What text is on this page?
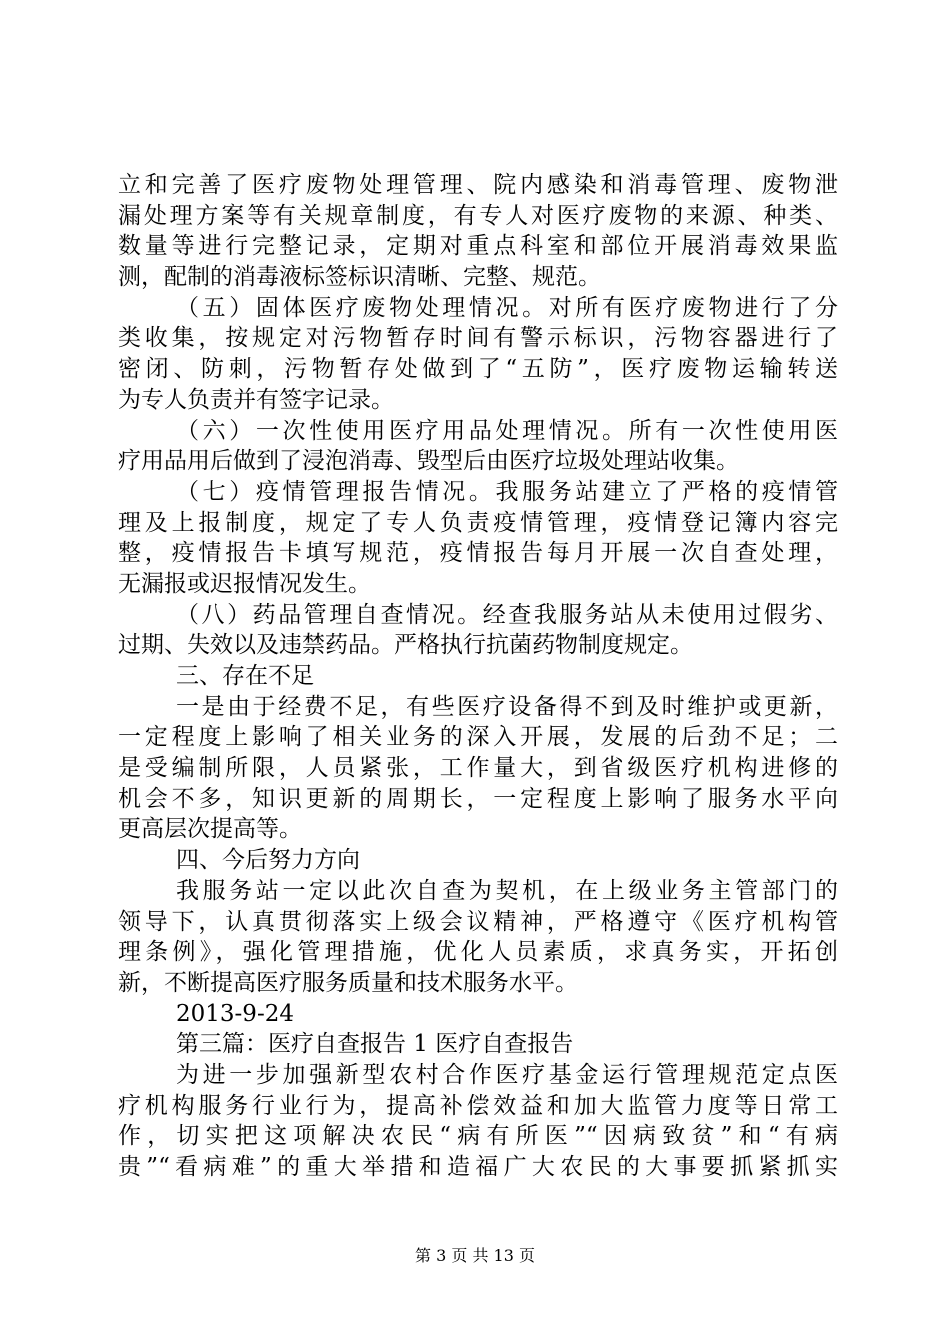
立和完善了医疗废物处理管理、院内感染和消毒管理、废物泄
漏处理方案等有关规章制度，有专人对医疗废物的来源、种类、
数量等进行完整记录，定期对重点科室和部位开展消毒效果监
测，配制的消毒液标签标识清晰、完整、规范。
（五）固体医疗废物处理情况。对所有医疗废物进行了分
类收集，按规定对污物暂存时间有警示标识，污物容器进行了
密闭、防刺，污物暂存处做到了“五防”，医疗废物运输转送
为专人负责并有签字记录。
（六）一次性使用医疗用品处理情况。所有一次性使用医
疗用品用后做到了浸泡消毒、毁型后由医疗垃圾处理站收集。
（七）疫情管理报告情况。我服务站建立了严格的疫情管
理及上报制度，规定了专人负责疫情管理，疫情登记簿内容完
整，疫情报告卡填写规范，疫情报告每月开展一次自查处理，
无漏报或迟报情况发生。
（八）药品管理自查情况。经查我服务站从未使用过假劣、
过期、失效以及违禁药品。严格执行抗菌药物制度规定。
三、存在不足
一是由于经费不足，有些医疗设备得不到及时维护或更新，
一定程度上影响了相关业务的深入开展，发展的后劲不足；二
是受编制所限，人员紧张，工作量大，到省级医疗机构进修的
机会不多，知识更新的周期长，一定程度上影响了服务水平向
更高层次提高等。
四、今后努力方向
我服务站一定以此次自查为契机，在上级业务主管部门的
领导下，认真贯彻落实上级会议精神，严格遵守《医疗机构管
理条例》，强化管理措施，优化人员素质，求真务实，开拓创
新，不断提高医疗服务质量和技术服务水平。
2013-9-24
第三篇：医疗自查报告 1 医疗自查报告
为进一步加强新型农村合作医疗基金运行管理规范定点医
疗机构服务行业行为，提高补偿效益和加大监管力度等日常工
作，切实把这项解决农民“病有所医”“因病致贫”和“有病
贵”“看病难”的重大举措和造福广大农民的大事要抓紧抓实
第 3 页 共 13 页
